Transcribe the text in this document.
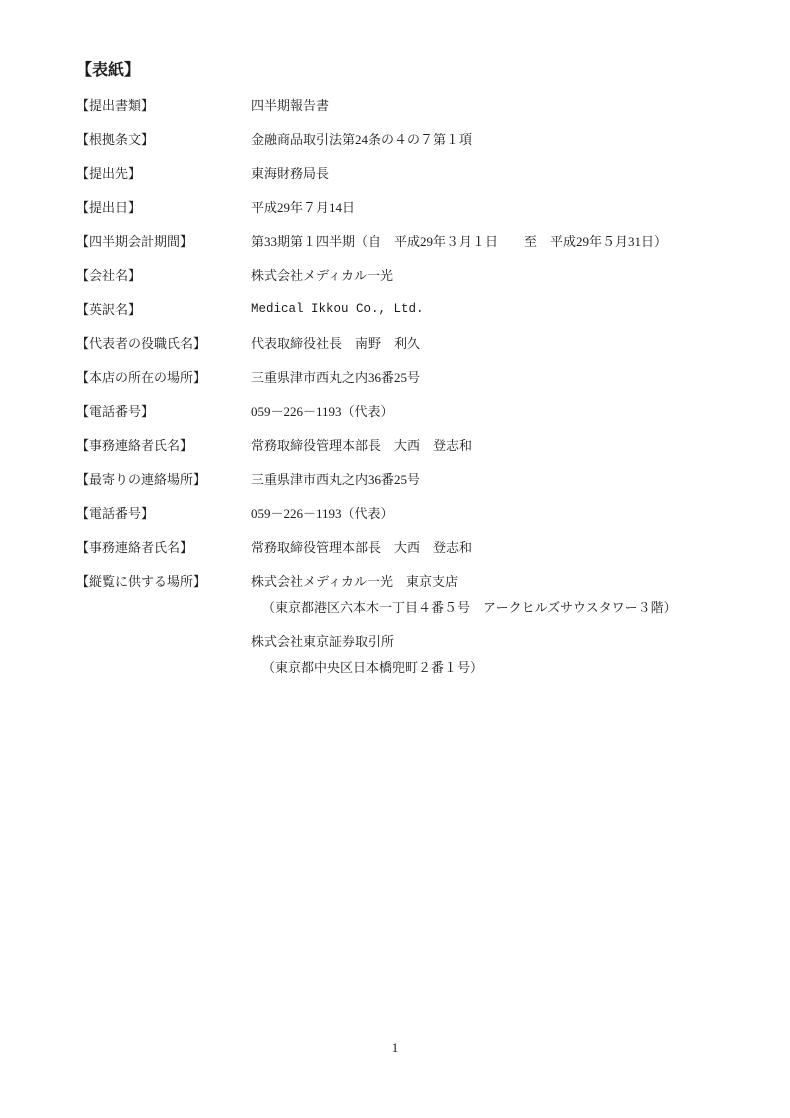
【表紙】
【提出書類】	四半期報告書
【根拠条文】	金融商品取引法第24条の４の７第１項
【提出先】	東海財務局長
【提出日】	平成29年７月14日
【四半期会計期間】	第33期第１四半期（自　平成29年３月１日　　至　平成29年５月31日）
【会社名】	株式会社メディカル一光
【英訳名】	Medical Ikkou Co., Ltd.
【代表者の役職氏名】	代表取締役社長　南野　利久
【本店の所在の場所】	三重県津市西丸之内36番25号
【電話番号】	059－226－1193（代表）
【事務連絡者氏名】	常務取締役管理本部長　大西　登志和
【最寄りの連絡場所】	三重県津市西丸之内36番25号
【電話番号】	059－226－1193（代表）
【事務連絡者氏名】	常務取締役管理本部長　大西　登志和
【縦覧に供する場所】	株式会社メディカル一光　東京支店
（東京都港区六本木一丁目４番５号　アークヒルズサウスタワー３階）
株式会社東京証券取引所
（東京都中央区日本橋兜町２番１号）
1
